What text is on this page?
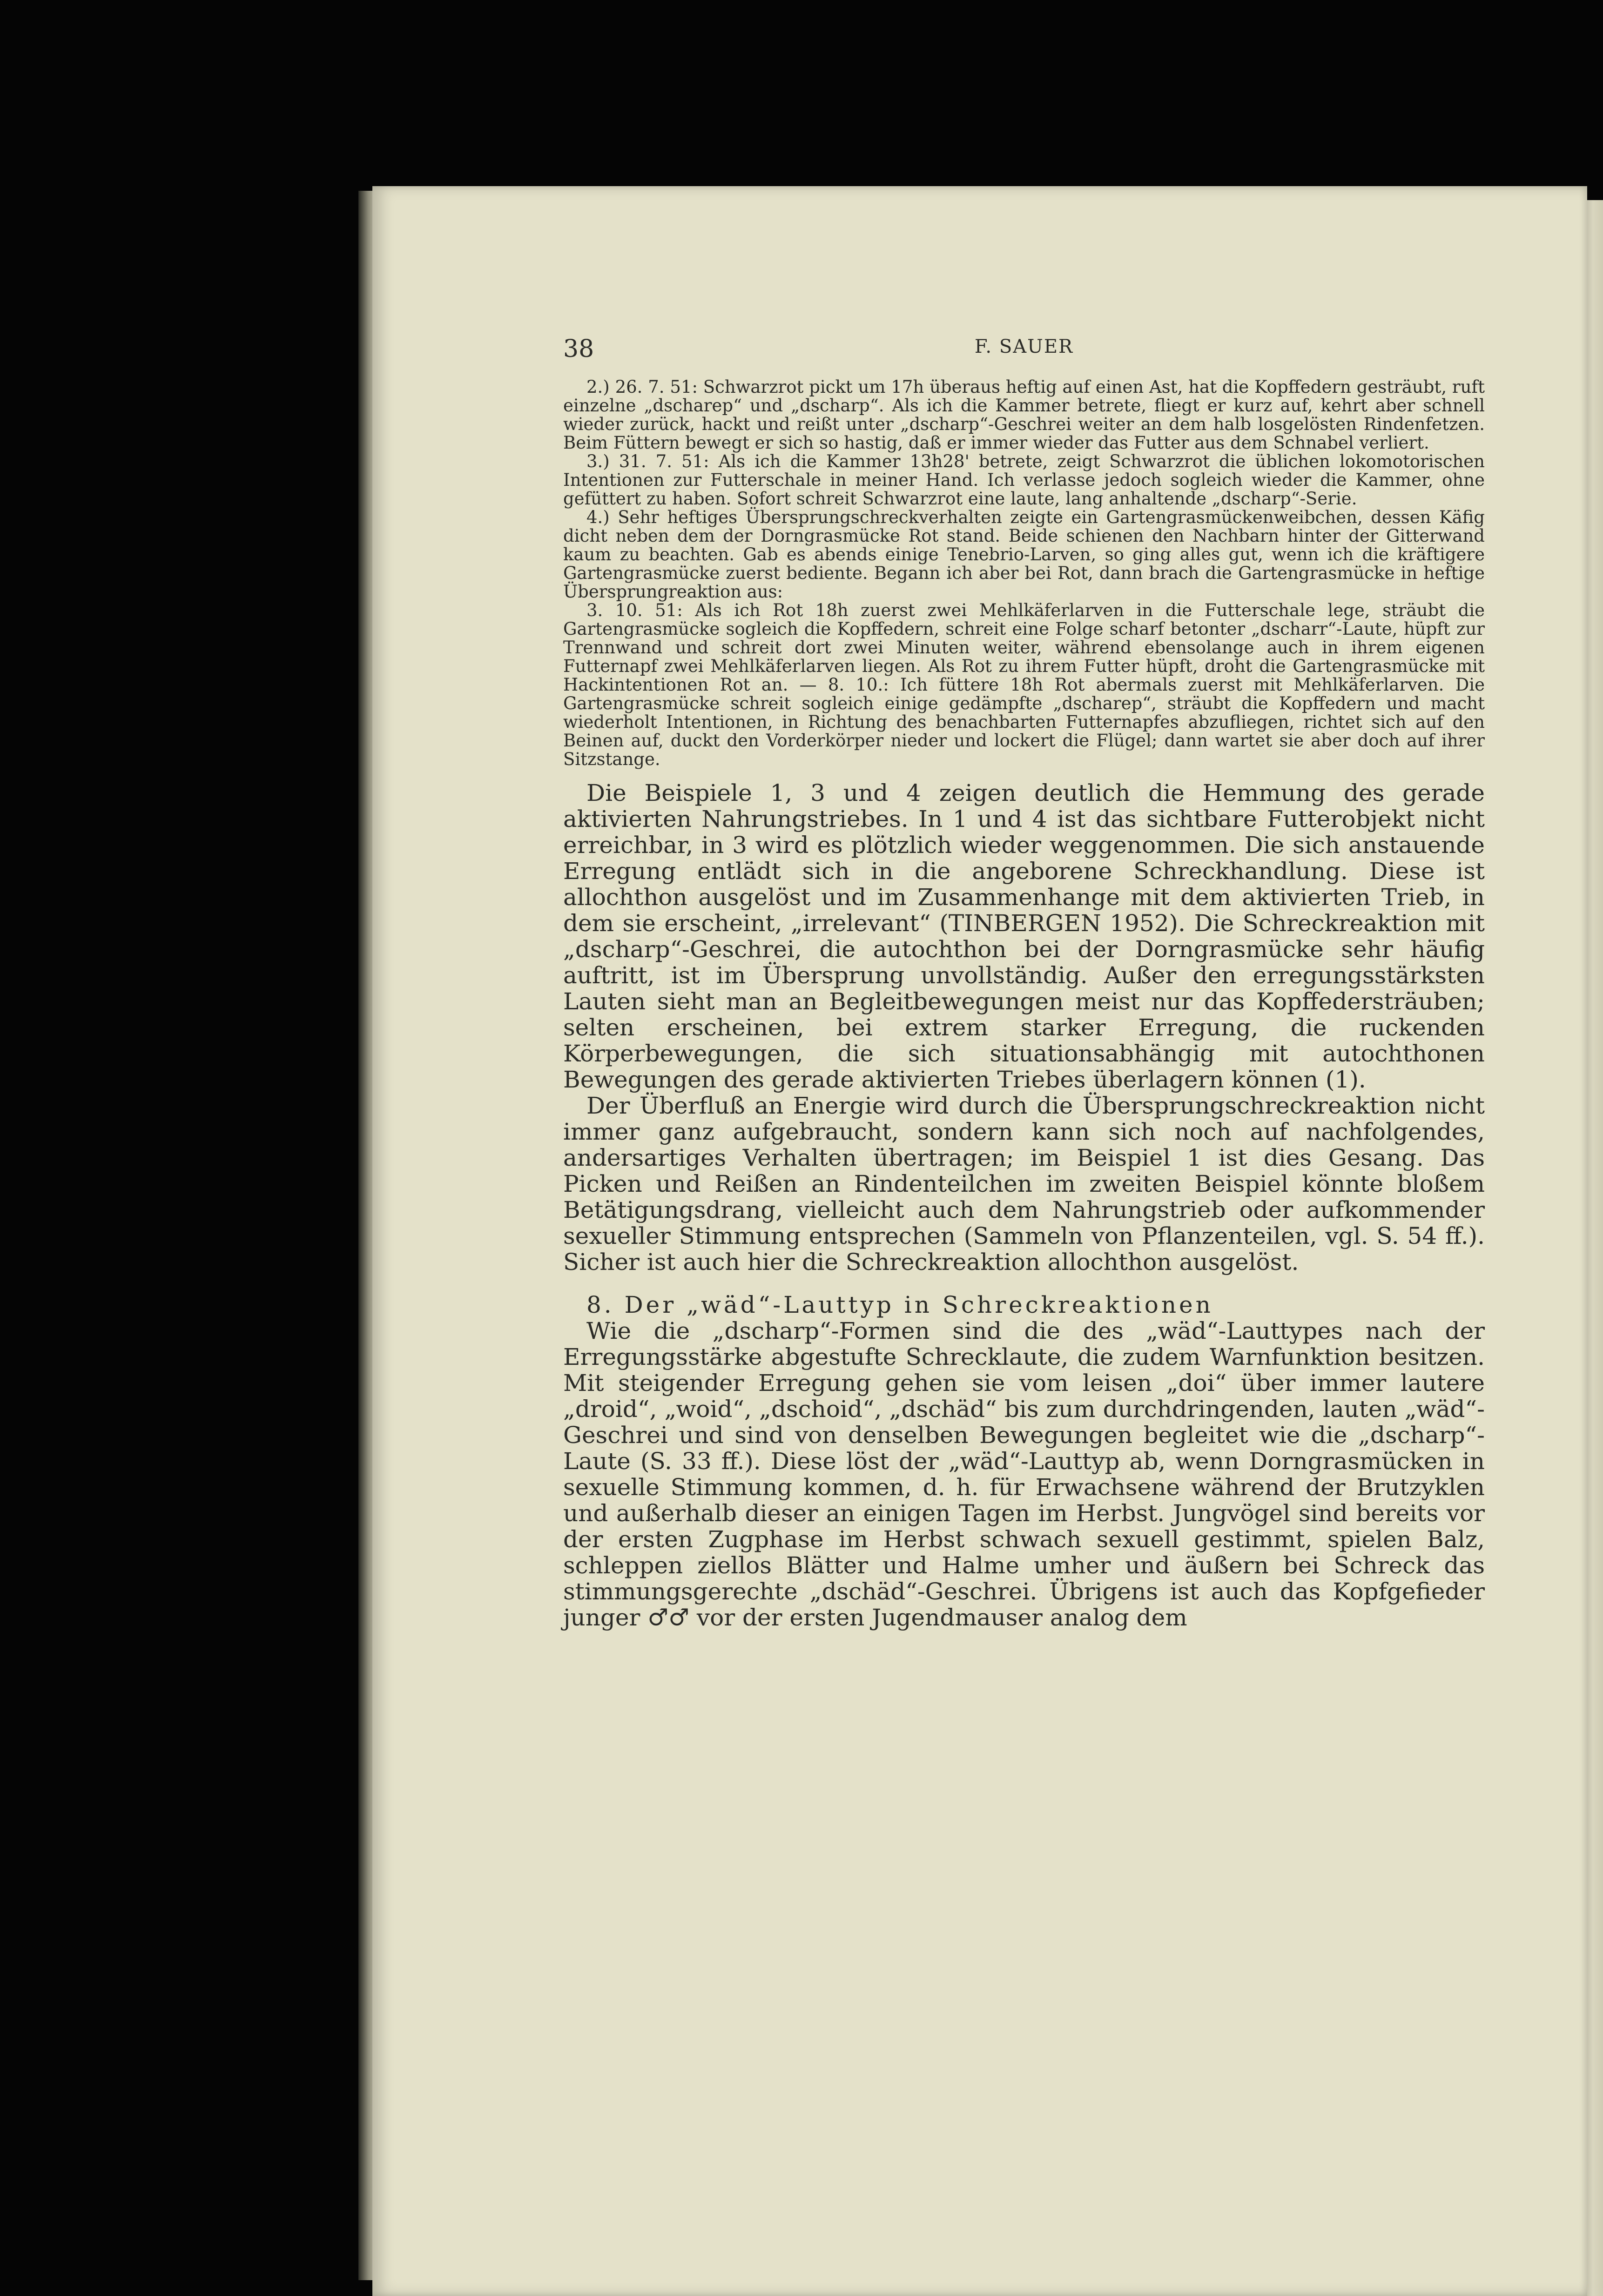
38	F. SAUER

2.) 26. 7. 51: Schwarzrot pickt um 17h überaus heftig auf einen Ast, hat die Kopffedern gesträubt, ruft einzelne „dscharep“ und „dscharp“. Als ich die Kammer betrete, fliegt er kurz auf, kehrt aber schnell wieder zurück, hackt und reißt unter „dscharp“-Geschrei weiter an dem halb losgelösten Rindenfetzen. Beim Füttern bewegt er sich so hastig, daß er immer wieder das Futter aus dem Schnabel verliert.

3.) 31. 7. 51: Als ich die Kammer 13h28' betrete, zeigt Schwarzrot die üblichen lokomotorischen Intentionen zur Futterschale in meiner Hand. Ich verlasse jedoch sogleich wieder die Kammer, ohne gefüttert zu haben. Sofort schreit Schwarzrot eine laute, lang anhaltende „dscharp“-Serie.

4.) Sehr heftiges Übersprungschreckverhalten zeigte ein Gartengrasmückenweibchen, dessen Käfig dicht neben dem der Dorngrasmücke Rot stand. Beide schienen den Nachbarn hinter der Gitterwand kaum zu beachten. Gab es abends einige Tenebrio-Larven, so ging alles gut, wenn ich die kräftigere Gartengrasmücke zuerst bediente. Begann ich aber bei Rot, dann brach die Gartengrasmücke in heftige Übersprungreaktion aus:

3. 10. 51: Als ich Rot 18h zuerst zwei Mehlkäferlarven in die Futterschale lege, sträubt die Gartengrasmücke sogleich die Kopffedern, schreit eine Folge scharf betonter „dscharr“-Laute, hüpft zur Trennwand und schreit dort zwei Minuten weiter, während ebensolange auch in ihrem eigenen Futternapf zwei Mehlkäferlarven liegen. Als Rot zu ihrem Futter hüpft, droht die Gartengrasmücke mit Hackintentionen Rot an. — 8. 10.: Ich füttere 18h Rot abermals zuerst mit Mehlkäferlarven. Die Gartengrasmücke schreit sogleich einige gedämpfte „dscharep“, sträubt die Kopffedern und macht wiederholt Intentionen, in Richtung des benachbarten Futternapfes abzufliegen, richtet sich auf den Beinen auf, duckt den Vorderkörper nieder und lockert die Flügel; dann wartet sie aber doch auf ihrer Sitzstange.

Die Beispiele 1, 3 und 4 zeigen deutlich die Hemmung des gerade aktivierten Nahrungstriebes. In 1 und 4 ist das sichtbare Futterobjekt nicht erreichbar, in 3 wird es plötzlich wieder weggenommen. Die sich anstauende Erregung entlädt sich in die angeborene Schreckhandlung. Diese ist allochthon ausgelöst und im Zusammenhange mit dem aktivierten Trieb, in dem sie erscheint, „irrelevant“ (TINBERGEN 1952). Die Schreckreaktion mit „dscharp“-Geschrei, die autochthon bei der Dorngrasmücke sehr häufig auftritt, ist im Übersprung unvollständig. Außer den erregungsstärksten Lauten sieht man an Begleitbewegungen meist nur das Kopffedersträuben; selten erscheinen, bei extrem starker Erregung, die ruckenden Körperbewegungen, die sich situationsabhängig mit autochthonen Bewegungen des gerade aktivierten Triebes überlagern können (1).

Der Überfluß an Energie wird durch die Übersprungschreckreaktion nicht immer ganz aufgebraucht, sondern kann sich noch auf nachfolgendes, andersartiges Verhalten übertragen; im Beispiel 1 ist dies Gesang. Das Picken und Reißen an Rindenteilchen im zweiten Beispiel könnte bloßem Betätigungsdrang, vielleicht auch dem Nahrungstrieb oder aufkommender sexueller Stimmung entsprechen (Sammeln von Pflanzenteilen, vgl. S. 54 ff.). Sicher ist auch hier die Schreckreaktion allochthon ausgelöst.

8. Der „wäd“-Lauttyp in Schreckreaktionen

Wie die „dscharp“-Formen sind die des „wäd“-Lauttypes nach der Erregungsstärke abgestufte Schrecklaute, die zudem Warnfunktion besitzen. Mit steigender Erregung gehen sie vom leisen „doi“ über immer lautere „droid“, „woid“, „dschoid“, „dschäd“ bis zum durchdringenden, lauten „wäd“-Geschrei und sind von denselben Bewegungen begleitet wie die „dscharp“-Laute (S. 33 ff.). Diese löst der „wäd“-Lauttyp ab, wenn Dorngrasmücken in sexuelle Stimmung kommen, d. h. für Erwachsene während der Brutzyklen und außerhalb dieser an einigen Tagen im Herbst. Jungvögel sind bereits vor der ersten Zugphase im Herbst schwach sexuell gestimmt, spielen Balz, schleppen ziellos Blätter und Halme umher und äußern bei Schreck das stimmungsgerechte „dschäd“-Geschrei. Übrigens ist auch das Kopfgefieder junger ♂♂ vor der ersten Jugendmauser analog dem
